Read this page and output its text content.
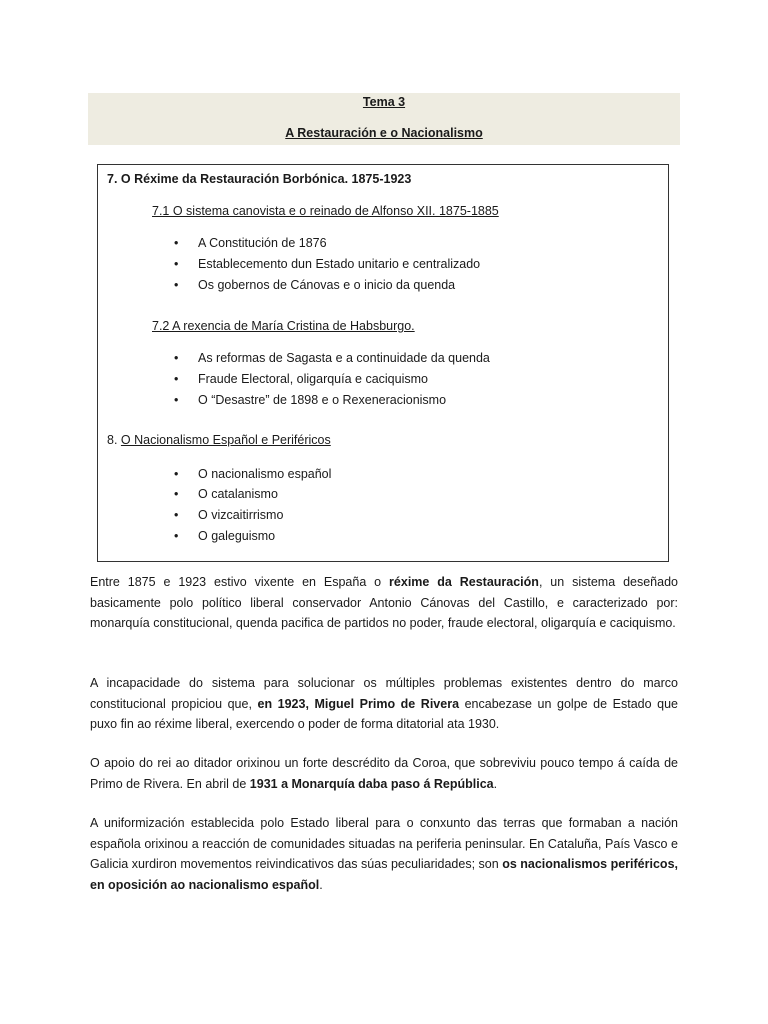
Tema 3
A Restauración e o Nacionalismo
7. O Réxime da Restauración Borbónica. 1875-1923
7.1 O sistema canovista e o reinado de Alfonso XII. 1875-1885
• A Constitución de 1876
• Establecemento dun Estado unitario e centralizado
• Os gobernos de Cánovas e o inicio da quenda
7.2 A rexencia de María Cristina de Habsburgo.
• As reformas de Sagasta e a continuidade da quenda
• Fraude Electoral, oligarquía e caciquismo
• O “Desastre” de 1898 e o Rexeneracionismo
8. O Nacionalismo Español e Periféricos
• O nacionalismo español
• O catalanismo
• O vizcaitirrismo
• O galeguismo

Entre 1875 e 1923 estivo vixente en España o réxime da Restauración, un sistema deseñado basicamente polo político liberal conservador Antonio Cánovas del Castillo, e caracterizado por: monarquía constitucional, quenda pacifica de partidos no poder, fraude electoral, oligarquía e caciquismo.

A incapacidade do sistema para solucionar os múltiples problemas existentes dentro do marco constitucional propiciou que, en 1923, Miguel Primo de Rivera encabezase un golpe de Estado que puxo fin ao réxime liberal, exercendo o poder de forma ditatorial ata 1930.

O apoio do rei ao ditador orixinou un forte descrédito da Coroa, que sobreviviu pouco tempo á caída de Primo de Rivera. En abril de 1931 a Monarquía daba paso á República.

A uniformización establecida polo Estado liberal para o conxunto das terras que formaban a nación española orixinou a reacción de comunidades situadas na periferia peninsular. En Cataluña, País Vasco e Galicia xurdiron movementos reivindicativos das súas peculiaridades; son os nacionalismos periféricos, en oposición ao nacionalismo español.
